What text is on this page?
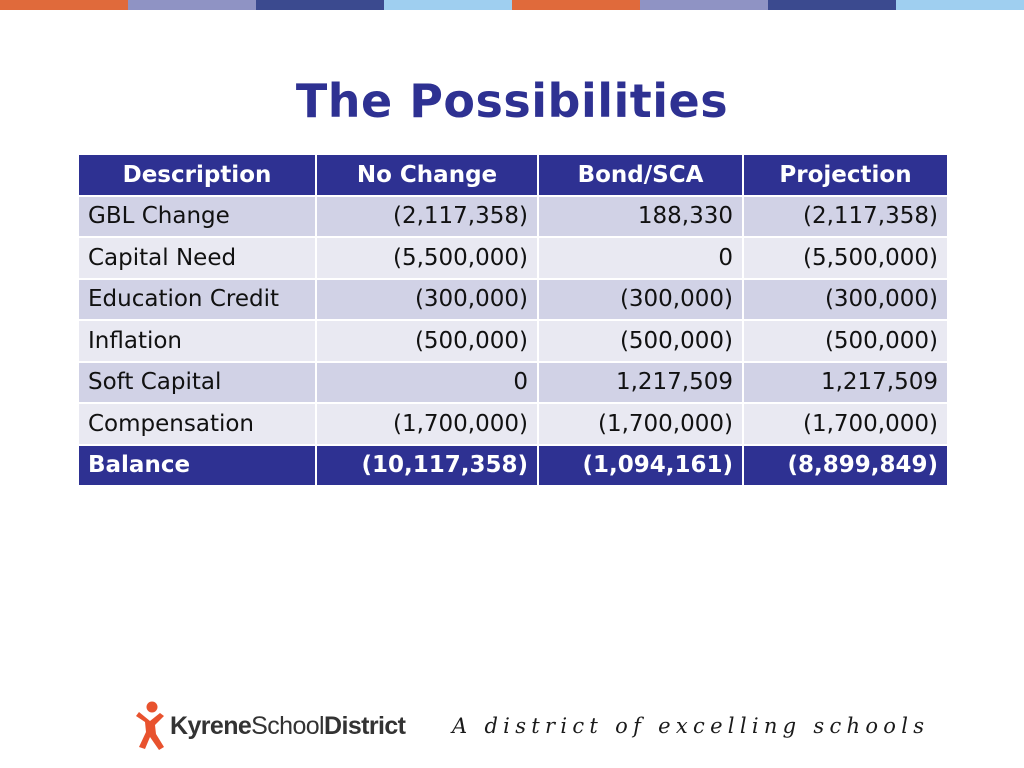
The Possibilities
Description	No Change	Bond/SCA	Projection
GBL Change	(2,117,358)	188,330	(2,117,358)
Capital Need	(5,500,000)	0	(5,500,000)
Education Credit	(300,000)	(300,000)	(300,000)
Inflation	(500,000)	(500,000)	(500,000)
Soft Capital	0	1,217,509	1,217,509
Compensation	(1,700,000)	(1,700,000)	(1,700,000)
Balance	(10,117,358)	(1,094,161)	(8,899,849)
KyreneSchoolDistrict A district of excelling schools
